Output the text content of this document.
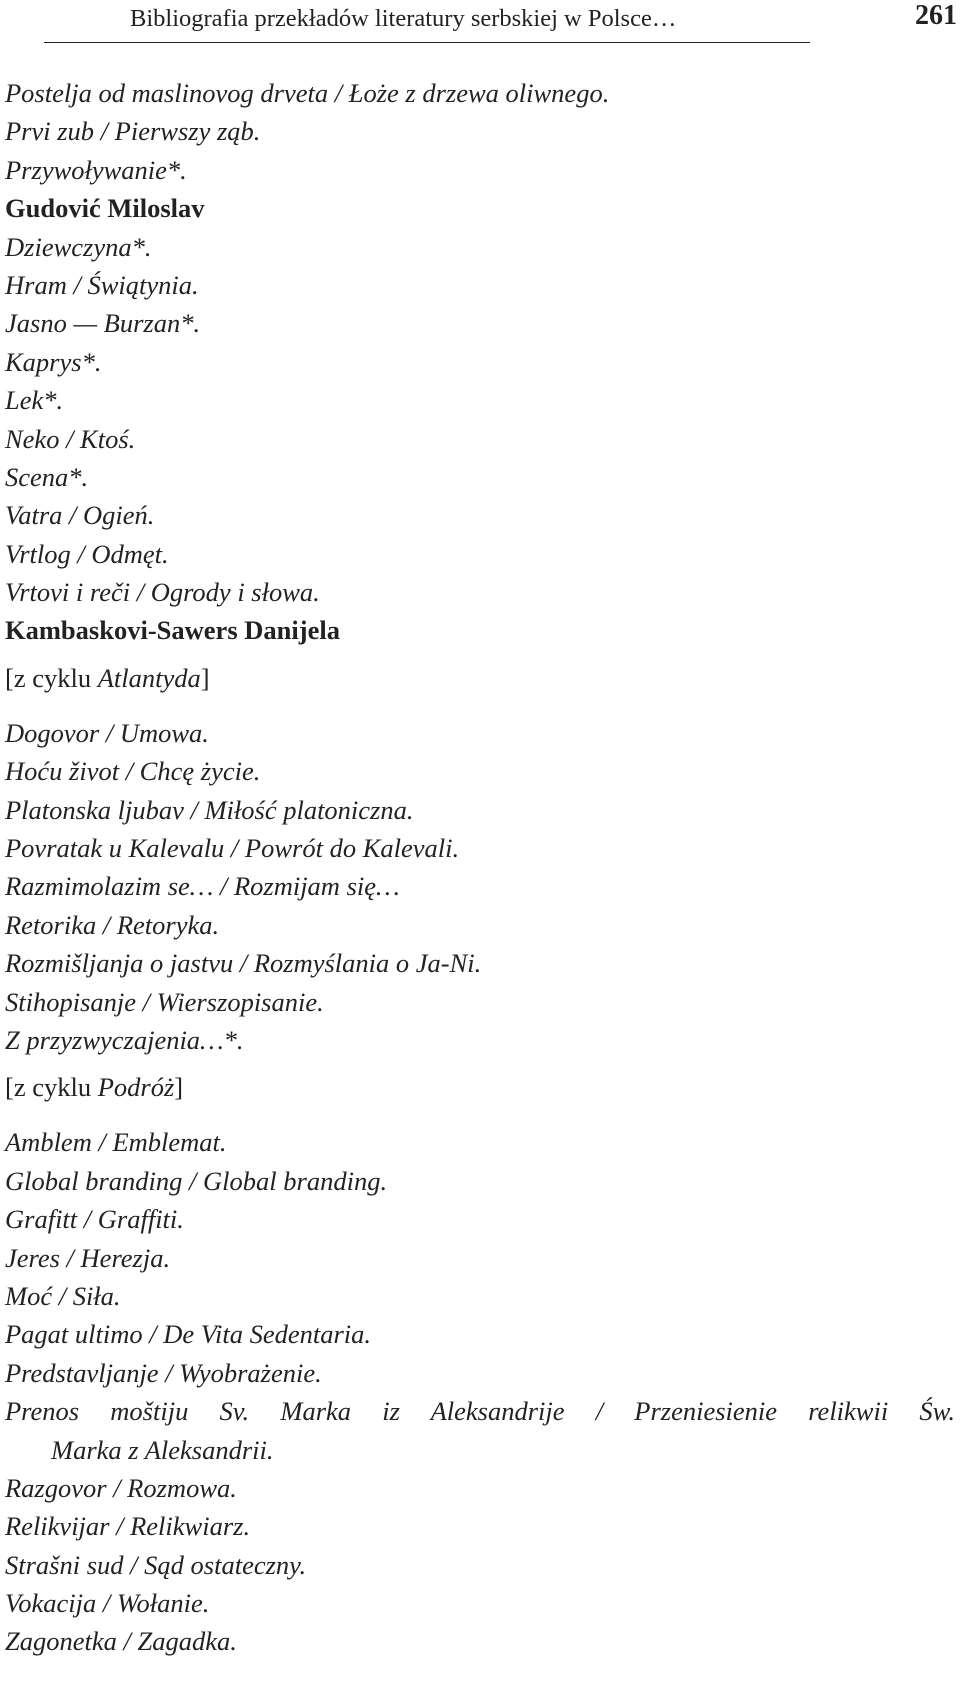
Bibliografia przekładów literatury serbskiej w Polsce…	261
Postelja od maslinovog drveta / Łoże z drzewa oliwnego.
Prvi zub / Pierwszy ząb.
Przywoływanie*.
Gudović Miloslav
Dziewczyna*.
Hram / Świątynia.
Jasno — Burzan*.
Kaprys*.
Lek*.
Neko / Ktoś.
Scena*.
Vatra / Ogień.
Vrtlog / Odmęt.
Vrtovi i reči / Ogrody i słowa.
Kambaskovi-Sawers Danijela
[z cyklu Atlantyda]
Dogovor / Umowa.
Hoću život / Chcę życie.
Platonska ljubav / Miłość platoniczna.
Povratak u Kalevalu / Powrót do Kalevali.
Razmimolazim se… / Rozmijam się…
Retorika / Retoryka.
Rozmišljanja o jastvu / Rozmyślania o Ja-Ni.
Stihopisanje / Wierszopisanie.
Z przyzwyczajenia…*.
[z cyklu Podróż]
Amblem / Emblemat.
Global branding / Global branding.
Grafitt / Graffiti.
Jeres / Herezja.
Moć / Siła.
Pagat ultimo / De Vita Sedentaria.
Predstavljanje / Wyobrażenie.
Prenos moštiju Sv. Marka iz Aleksandrije / Przeniesienie relikwii Św.
Marka z Aleksandrii.
Razgovor / Rozmowa.
Relikvijar / Relikwiarz.
Strašni sud / Sąd ostateczny.
Vokacija / Wołanie.
Zagonetka / Zagadka.
